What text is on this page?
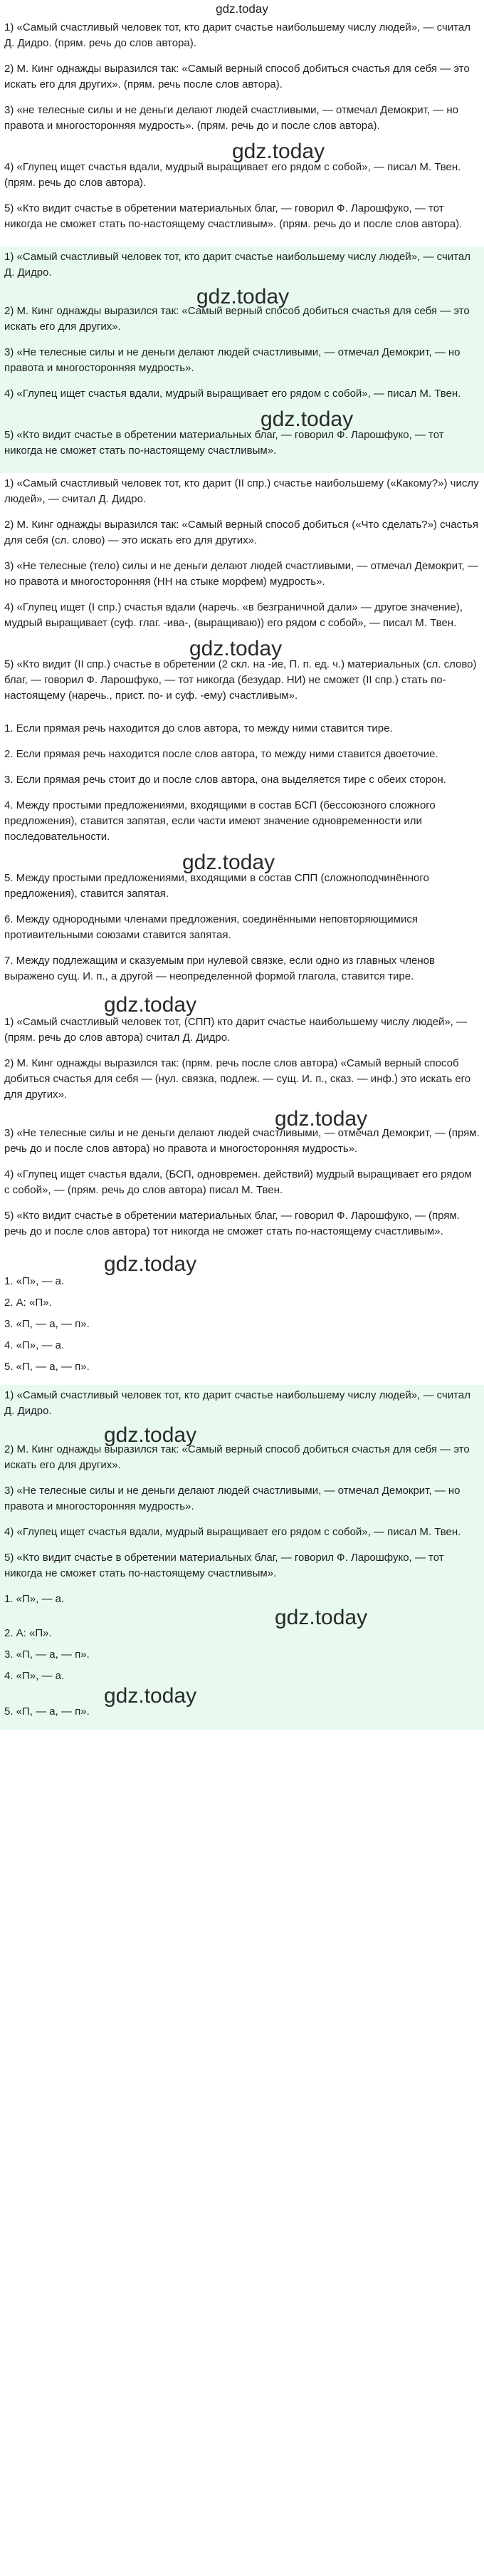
gdz.today

1) «Самый счастливый человек тот, кто дарит счастье наибольшему числу людей», — считал Д. Дидро. (прям. речь до слов автора).

2) М. Кинг однажды выразился так: «Самый верный способ добиться счастья для себя — это искать его для других». (прям. речь после слов автора).

3) «не телесные силы и не деньги делают людей счастливыми, — отмечал Демокрит, — но правота и многосторонняя мудрость». (прям. речь до и после слов автора).

gdz.today

4) «Глупец ищет счастья вдали, мудрый выращивает его рядом с собой», — писал М. Твен. (прям. речь до слов автора).

5) «Кто видит счастье в обретении материальных благ, — говорил Ф. Ларошфуко, — тот никогда не сможет стать по-настоящему счастливым». (прям. речь до и после слов автора).

1) «Самый счастливый человек тот, кто дарит счастье наибольшему числу людей», — считал Д. Дидро.

gdz.today

2) М. Кинг однажды выразился так: «Самый верный способ добиться счастья для себя — это искать его для других».

3) «Не телесные силы и не деньги делают людей счастливыми, — отмечал Демокрит, — но правота и многосторонняя мудрость».

4) «Глупец ищет счастья вдали, мудрый выращивает его рядом с собой», — писал М. Твен.

gdz.today

5) «Кто видит счастье в обретении материальных благ, — говорил Ф. Ларошфуко, — тот никогда не сможет стать по-настоящему счастливым».

1) «Самый счастливый человек тот, кто дарит (II спр.) счастье наибольшему («Какому?») числу людей», — считал Д. Дидро.

2) М. Кинг однажды выразился так: «Самый верный способ добиться («Что сделать?») счастья для себя (сл. слово) — это искать его для других».

3) «Не телесные (тело) силы и не деньги делают людей счастливыми, — отмечал Демокрит, — но правота и многосторонняя (НН на стыке морфем) мудрость».

4) «Глупец ищет (I спр.) счастья вдали (наречь. «в безграничной дали» — другое значение), мудрый выращивает (суф. глаг. -ива-, (выращиваю)) его рядом с собой», — писал М. Твен.

gdz.today

5) «Кто видит (II спр.) счастье в обретении (2 скл. на -ие, П. п. ед. ч.) материальных (сл. слово) благ, — говорил Ф. Ларошфуко, — тот никогда (безудар. НИ) не сможет (II спр.) стать по-настоящему (наречь., прист. по- и суф. -ему) счастливым».

1. Если прямая речь находится до слов автора, то между ними ставится тире.

2. Если прямая речь находится после слов автора, то между ними ставится двоеточие.

3. Если прямая речь стоит до и после слов автора, она выделяется тире с обеих сторон.

4. Между простыми предложениями, входящими в состав БСП (бессоюзного сложного предложения), ставится запятая, если части имеют значение одновременности или последовательности.

gdz.today

5. Между простыми предложениями, входящими в состав СПП (сложноподчинённого предложения), ставится запятая.

6. Между однородными членами предложения, соединёнными неповторяющимися противительными союзами ставится запятая.

7. Между подлежащим и сказуемым при нулевой связке, если одно из главных членов выражено сущ. И. п., а другой — неопределенной формой глагола, ставится тире.

gdz.today

1) «Самый счастливый человек тот, (СПП) кто дарит счастье наибольшему числу людей», — (прям. речь до слов автора) считал Д. Дидро.

2) М. Кинг однажды выразился так: (прям. речь после слов автора) «Самый верный способ добиться счастья для себя — (нул. связка, подлеж. — сущ. И. п., сказ. — инф.) это искать его для других».

gdz.today

3) «Не телесные силы и не деньги делают людей счастливыми, — отмечал Демокрит, — (прям. речь до и после слов автора) но правота и многосторонняя мудрость».

4) «Глупец ищет счастья вдали, (БСП, одновремен. действий) мудрый выращивает его рядом с собой», — (прям. речь до слов автора) писал М. Твен.

5) «Кто видит счастье в обретении материальных благ, — говорил Ф. Ларошфуко, — (прям. речь до и после слов автора) тот никогда не сможет стать по-настоящему счастливым».

gdz.today

1. «П», — а.

2. А: «П».

3. «П, — а, — п».

4. «П», — а.

5. «П, — а, — п».

1) «Самый счастливый человек тот, кто дарит счастье наибольшему числу людей», — считал Д. Дидро.

gdz.today

2) М. Кинг однажды выразился так: «Самый верный способ добиться счастья для себя — это искать его для других».

3) «Не телесные силы и не деньги делают людей счастливыми, — отмечал Демокрит, — но правота и многосторонняя мудрость».

4) «Глупец ищет счастья вдали, мудрый выращивает его рядом с собой», — писал М. Твен.

5) «Кто видит счастье в обретении материальных благ, — говорил Ф. Ларошфуко, — тот никогда не сможет стать по-настоящему счастливым».

1. «П», — а.

gdz.today

2. А: «П».

3. «П, — а, — п».

4. «П», — а.

gdz.today

5. «П, — а, — п».
